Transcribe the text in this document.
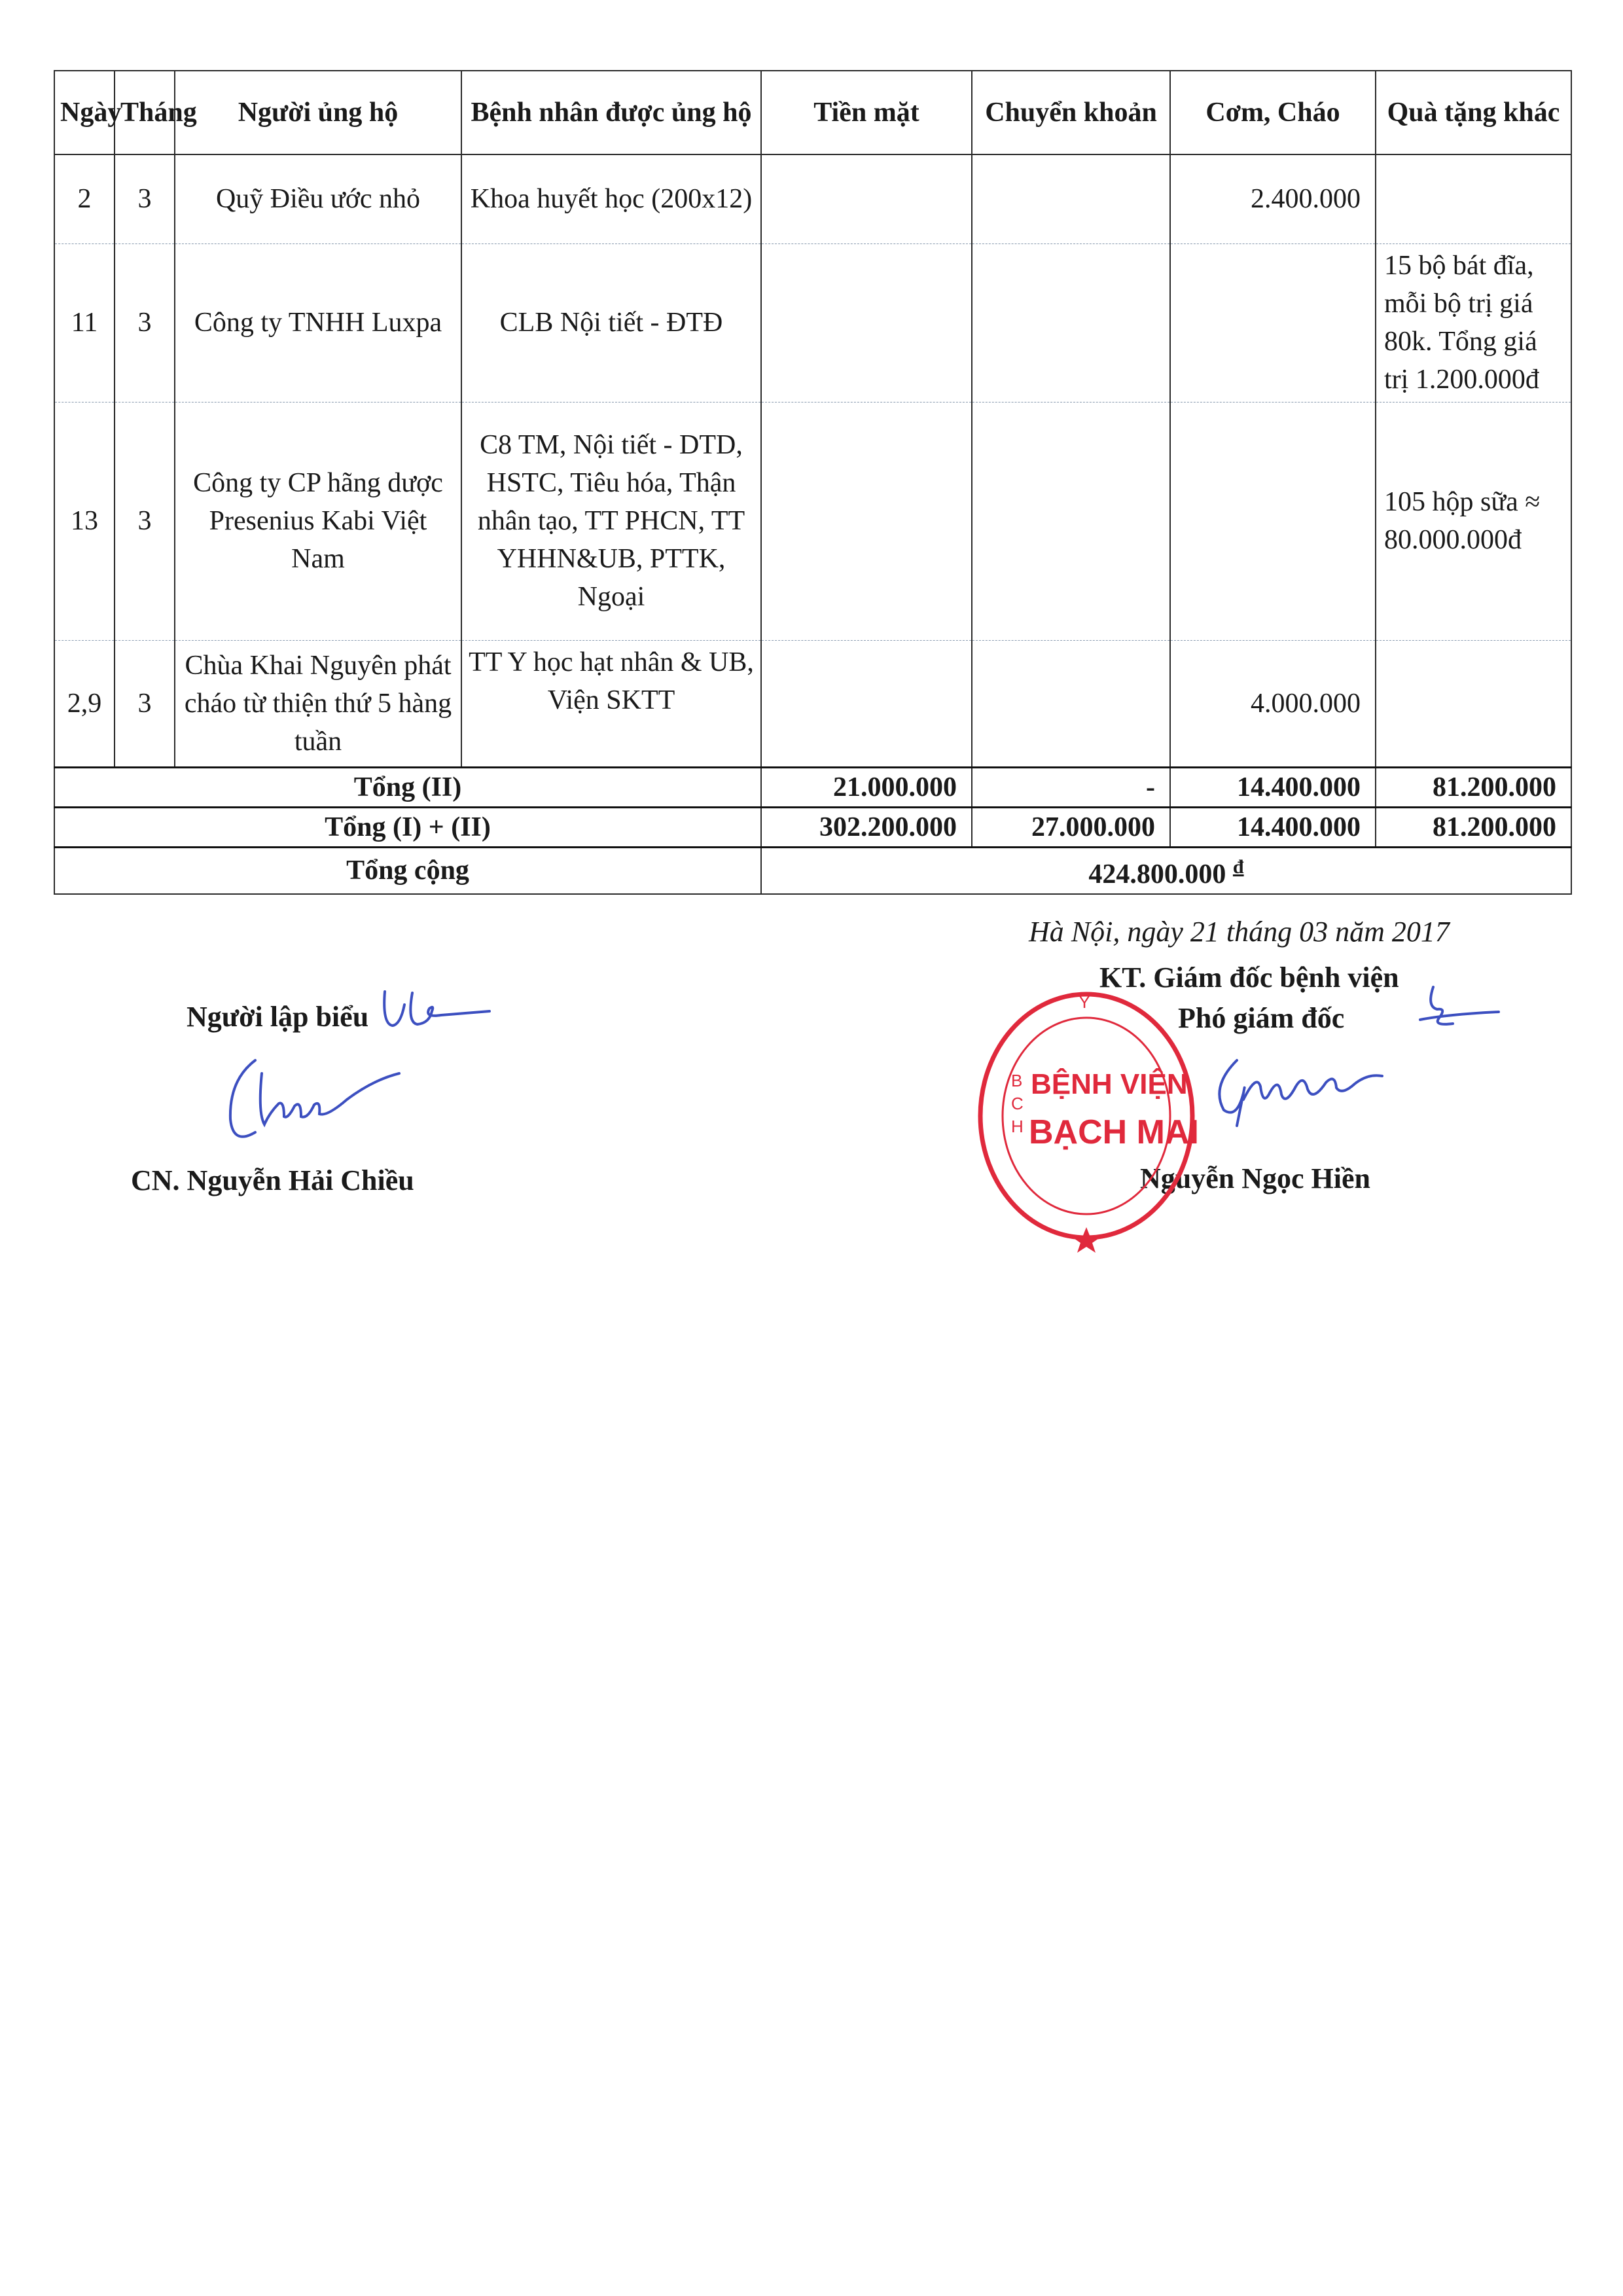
Ngày	Tháng	Người ủng hộ	Bệnh nhân được ủng hộ	Tiền mặt	Chuyển khoản	Cơm, Cháo	Quà tặng khác
2	3	Quỹ Điều ước nhỏ	Khoa huyết học (200x12)			2.400.000	
11	3	Công ty TNHH Luxpa	CLB Nội tiết - ĐTĐ				15 bộ bát đĩa, mỗi bộ trị giá 80k. Tổng giá trị 1.200.000đ
13	3	Công ty CP hãng dược Presenius Kabi Việt Nam	C8 TM, Nội tiết - DTD, HSTC, Tiêu hóa, Thận nhân tạo, TT PHCN, TT YHHN&UB, PTTK, Ngoại				105 hộp sữa ≈ 80.000.000đ
2,9	3	Chùa Khai Nguyên phát cháo từ thiện thứ 5 hàng tuần	TT Y học hạt nhân & UB, Viện SKTT			4.000.000	
Tổng (II)				21.000.000	-	14.400.000	81.200.000
Tổng (I) + (II)				302.200.000	27.000.000	14.400.000	81.200.000
Tổng cộng				424.800.000 $^đ$
Hà Nội, ngày 21 tháng 03 năm 2017
KT. Giám đốc bệnh viện
Phó giám đốc
Nguyễn Ngọc Hiền
Người lập biểu
CN. Nguyễn Hải Chiều
C
B
H
Y
BỆNH VIỆN
BẠCH MAI
